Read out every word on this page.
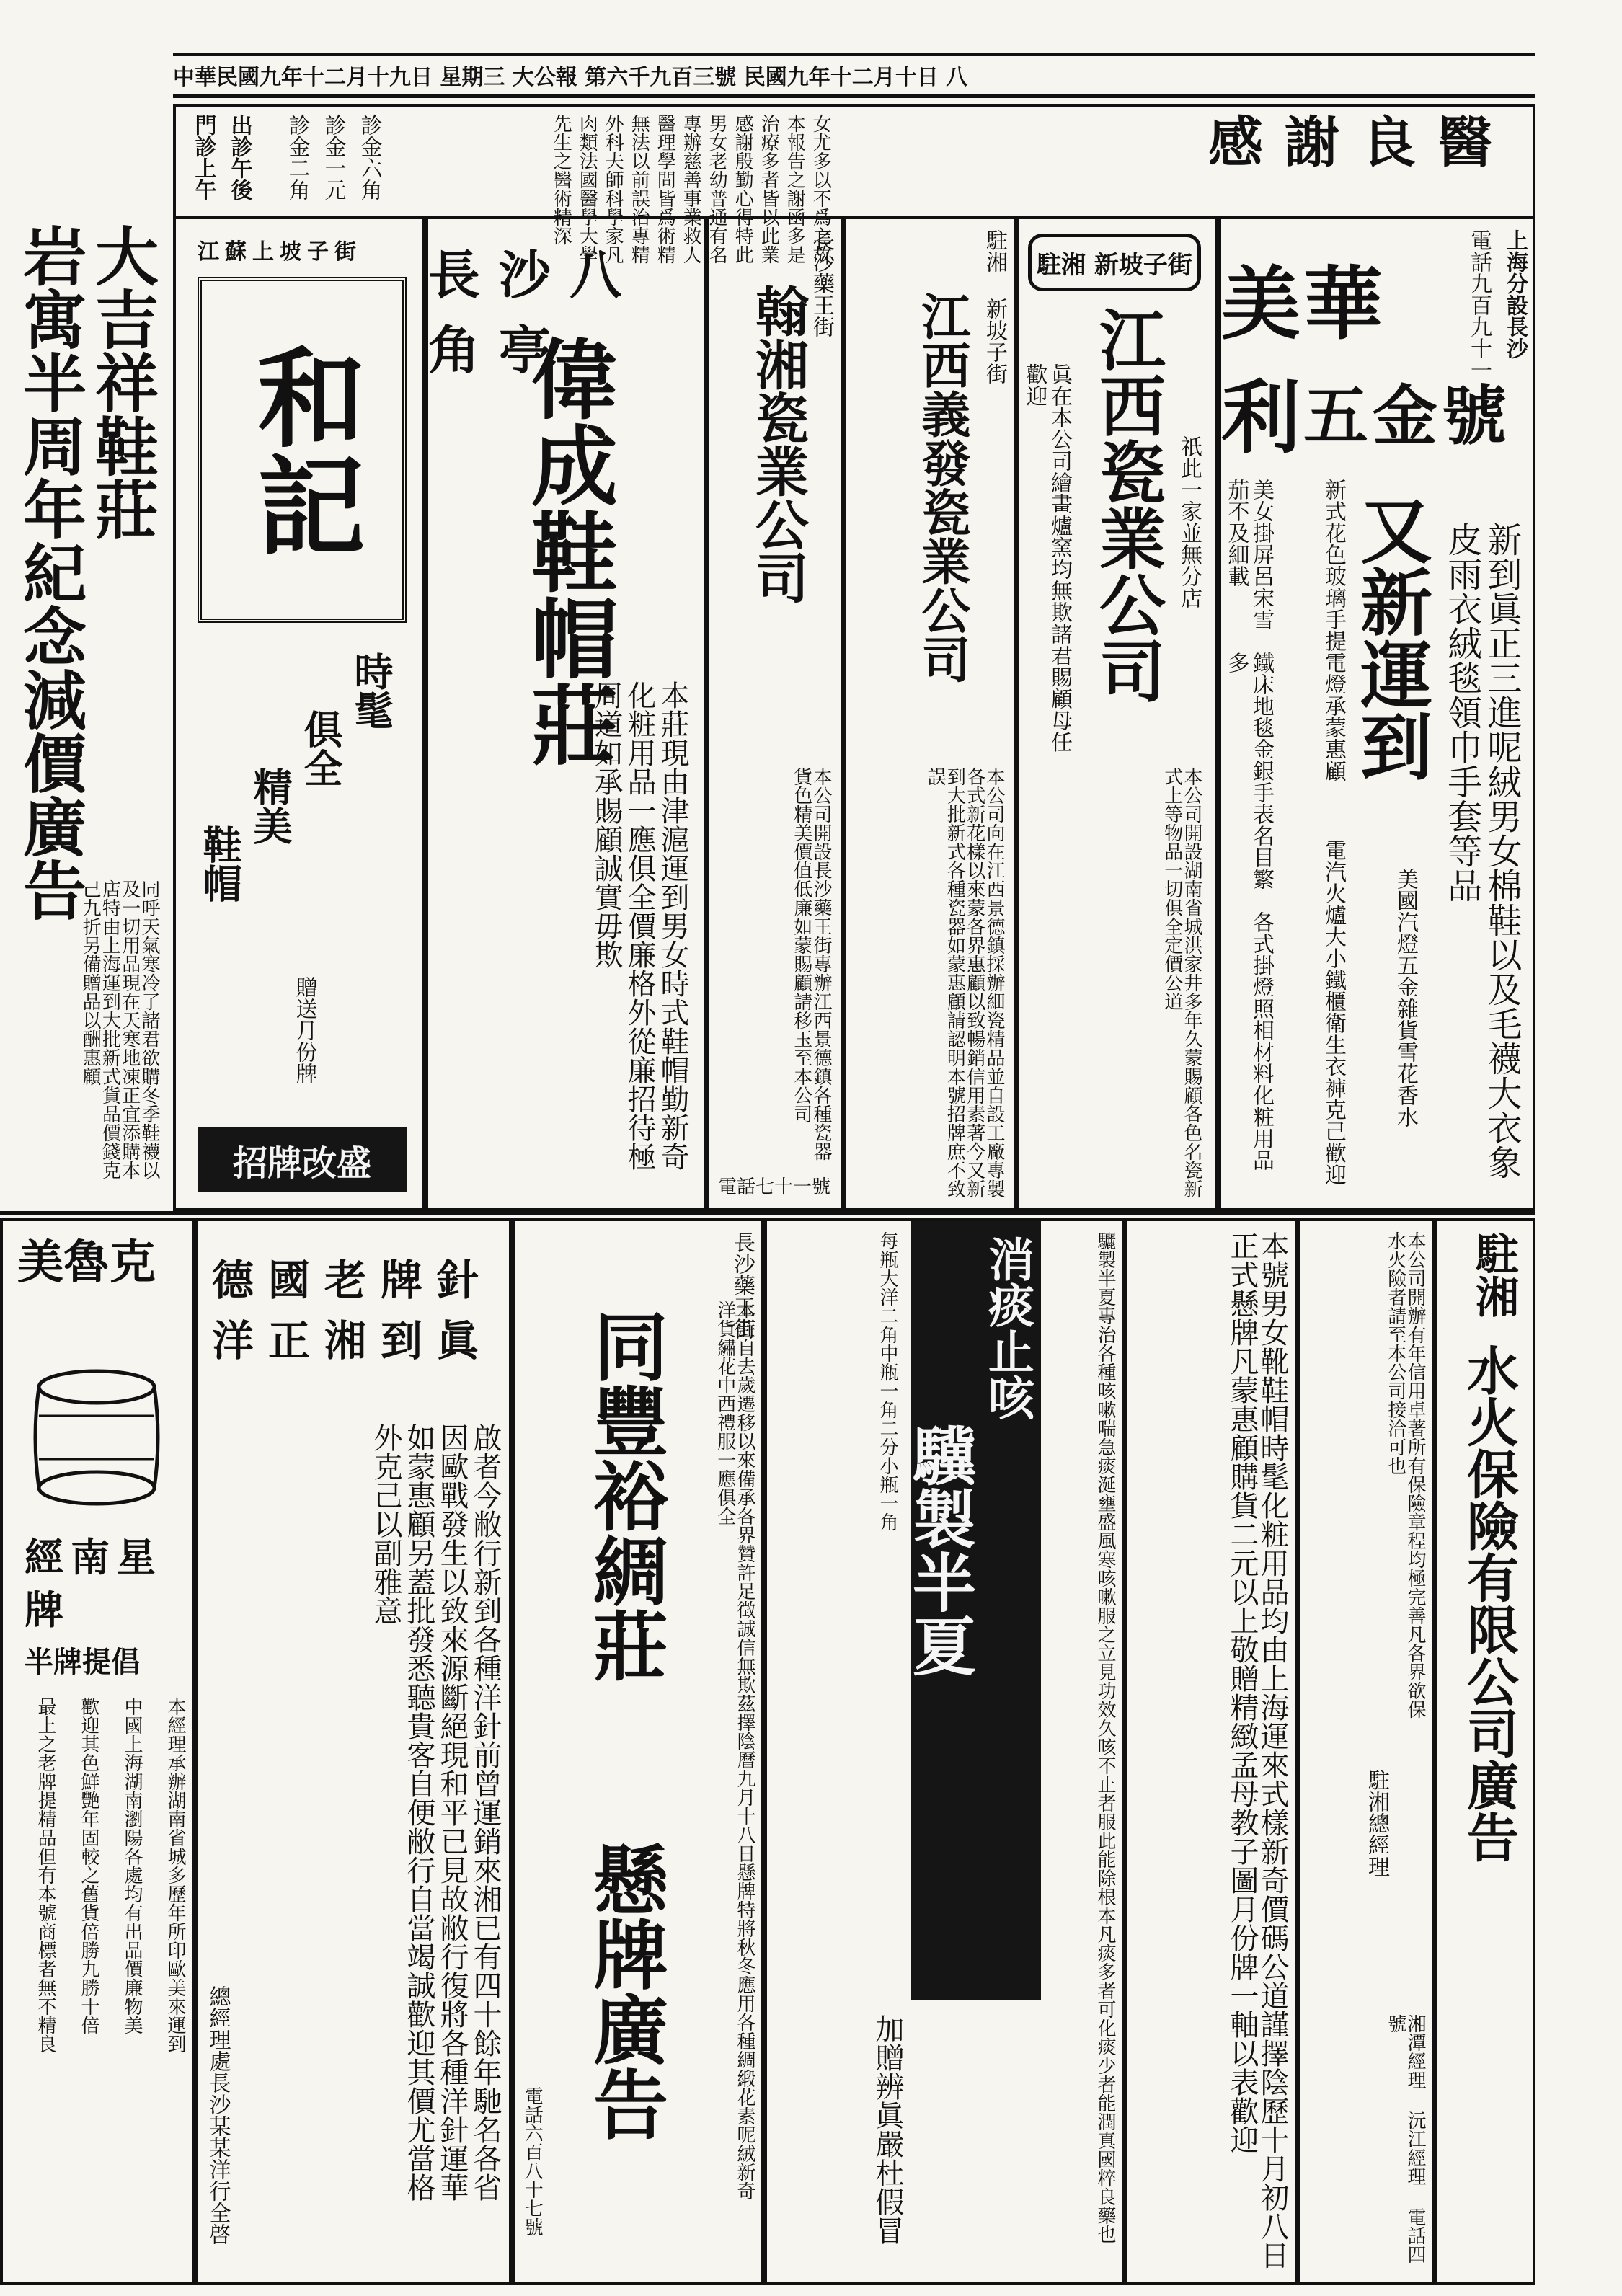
中華民國九年十二月十九日 星期三 大公報 第六千九百三號 民國九年十二月十日 八
感謝良醫
先生之醫術精深 肉類法國醫學大學 外科夫師科學家凡 無法以前誤治專精 醫理學問皆爲術精 專辦慈善事業救人 男女老幼普通有名 感謝殷勤心得特此 治療多者皆以此業 本報告之謝函多是 女尤多以不爲之故
門診上午 出診午後 診金二角 診金一元 診金六角
上海分設長沙
電話九百九十一
美華利 五金號
又新運到	新到眞正三進呢絨男女棉鞋以及毛襪大衣象皮雨衣絨毯領巾手套等品
新式花色玻璃手提電燈承蒙惠顧
電汽火爐大小鐵櫃衛生衣褲克己歡迎	美國汽燈五金雜貨雪花香水
各式掛燈照相材料化粧用品
鐵床地毯金銀手表名目繁多
美女掛屏呂宋雪茄不及細載
駐湘 新坡子街
江西瓷業公司 祇此一家並無分店
眞在本公司繪畫爐窯均無欺諸君賜顧母任歡迎
本公司開設湖南省城洪家井多年久蒙賜顧各色名瓷新式上等物品一切俱全定價公道
駐湘 新坡子街
江西義發瓷業公司
本公司向在江西景德鎮採辦細瓷精品並自設工廠專製各式新花樣以來蒙各界惠顧以致暢銷信用素著今又新到大批新式各種瓷器如蒙惠顧請認明本號招牌庶不致誤
長沙藥王街
翰湘瓷業公司
本公司開設長沙藥王街專辦江西景德鎮各種瓷器貨色精美價值低廉如蒙賜顧請移玉至本公司
電話七十一號
長沙八角亭
偉成鞋帽莊
本莊現由津滬運到男女時式鞋帽勤新奇化粧用品一應俱全價廉格外從廉招待極周道如承賜顧誠實毋欺
江蘇上坡子街
和記
時髦
俱全
精美
鞋帽
贈送月份牌
招牌改盛
大吉祥鞋莊
岩寓半周年紀念減價廣告
同呼天氣寒冷了諸君欲購冬季鞋襪以及一切用品現在天寒地凍正宜添購本店特由上海運到大批新式貨品價錢克己九折另備贈品以酬惠顧
駐湘
水火保險有限公司廣告
本公司開辦有年信用卓著所有保險章程均極完善凡各界欲保水火險者請至本公司接洽可也
駐湘總經理
湘潭經理 沅江經理 電話四號
本號男女靴鞋帽時髦化粧用品均由上海運來式樣新奇價碼公道謹擇陰歷十月初八日正式懸牌凡蒙惠顧購貨二元以上敬贈精緻孟母教子圖月份牌一軸以表歡迎
消痰止咳
驥製半夏	驪製半夏專治各種咳嗽喘急痰涎壅盛風寒咳嗽服之立見功效久咳不止者服此能除根本凡痰多者可化痰少者能潤真國粹良藥也
加贈辨眞嚴杜假冒
每瓶大洋二角中瓶一角二分小瓶一角
長沙藥王街
同豐裕綢莊
懸牌廣告	本莊自去歲遷移以來備承各界贊許足徵誠信無欺茲擇陰曆九月十八日懸牌特將秋冬應用各種綢緞花素呢絨新奇洋貨繡花中西禮服一應俱全
電話六百八十七號
德國老牌針洋正湘到眞
啟者今敝行新到各種洋針前曾運銷來湘已有四十餘年馳名各省因歐戰發生以致來源斷絕現和平已見故敝行復將各種洋針運華如蒙惠顧另蓋批發悉聽貴客自便敝行自當竭誠歡迎其價尤當格外克己以副雅意
總經理處長沙某某洋行全啓
美魯克
經南星牌
半牌提倡
本經理承辦湖南省城多歷年所印歐美來運到
中國上海湖南瀏陽各處均有出品價廉物美
歡迎其色鮮艷年固較之舊貨倍勝九勝十倍
最上之老牌提精品但有本號商標者無不精良
